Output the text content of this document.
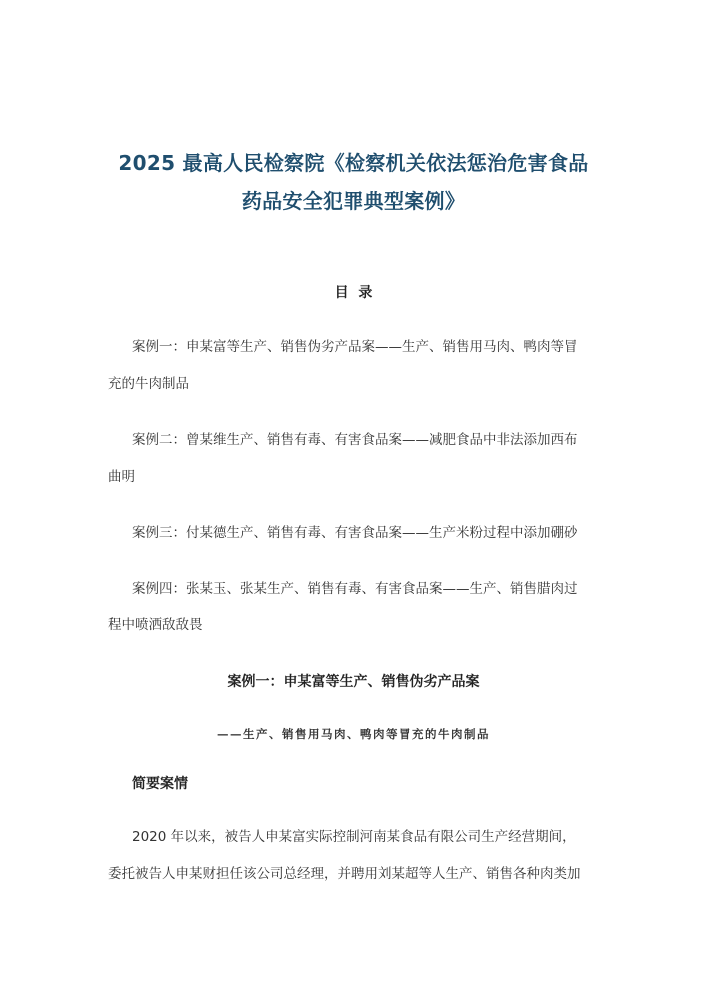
2025 最高人民检察院《检察机关依法惩治危害食品
药品安全犯罪典型案例》
目  录

案例一：申某富等生产、销售伪劣产品案——生产、销售用马肉、鸭肉等冒

充的牛肉制品

案例二：曾某维生产、销售有毒、有害食品案——减肥食品中非法添加西布

曲明

案例三：付某德生产、销售有毒、有害食品案——生产米粉过程中添加硼砂

案例四：张某玉、张某生产、销售有毒、有害食品案——生产、销售腊肉过

程中喷洒敌敌畏

案例一：申某富等生产、销售伪劣产品案

——生产、销售用马肉、鸭肉等冒充的牛肉制品

简要案情

2020 年以来，被告人申某富实际控制河南某食品有限公司生产经营期间，

委托被告人申某财担任该公司总经理，并聘用刘某超等人生产、销售各种肉类加
